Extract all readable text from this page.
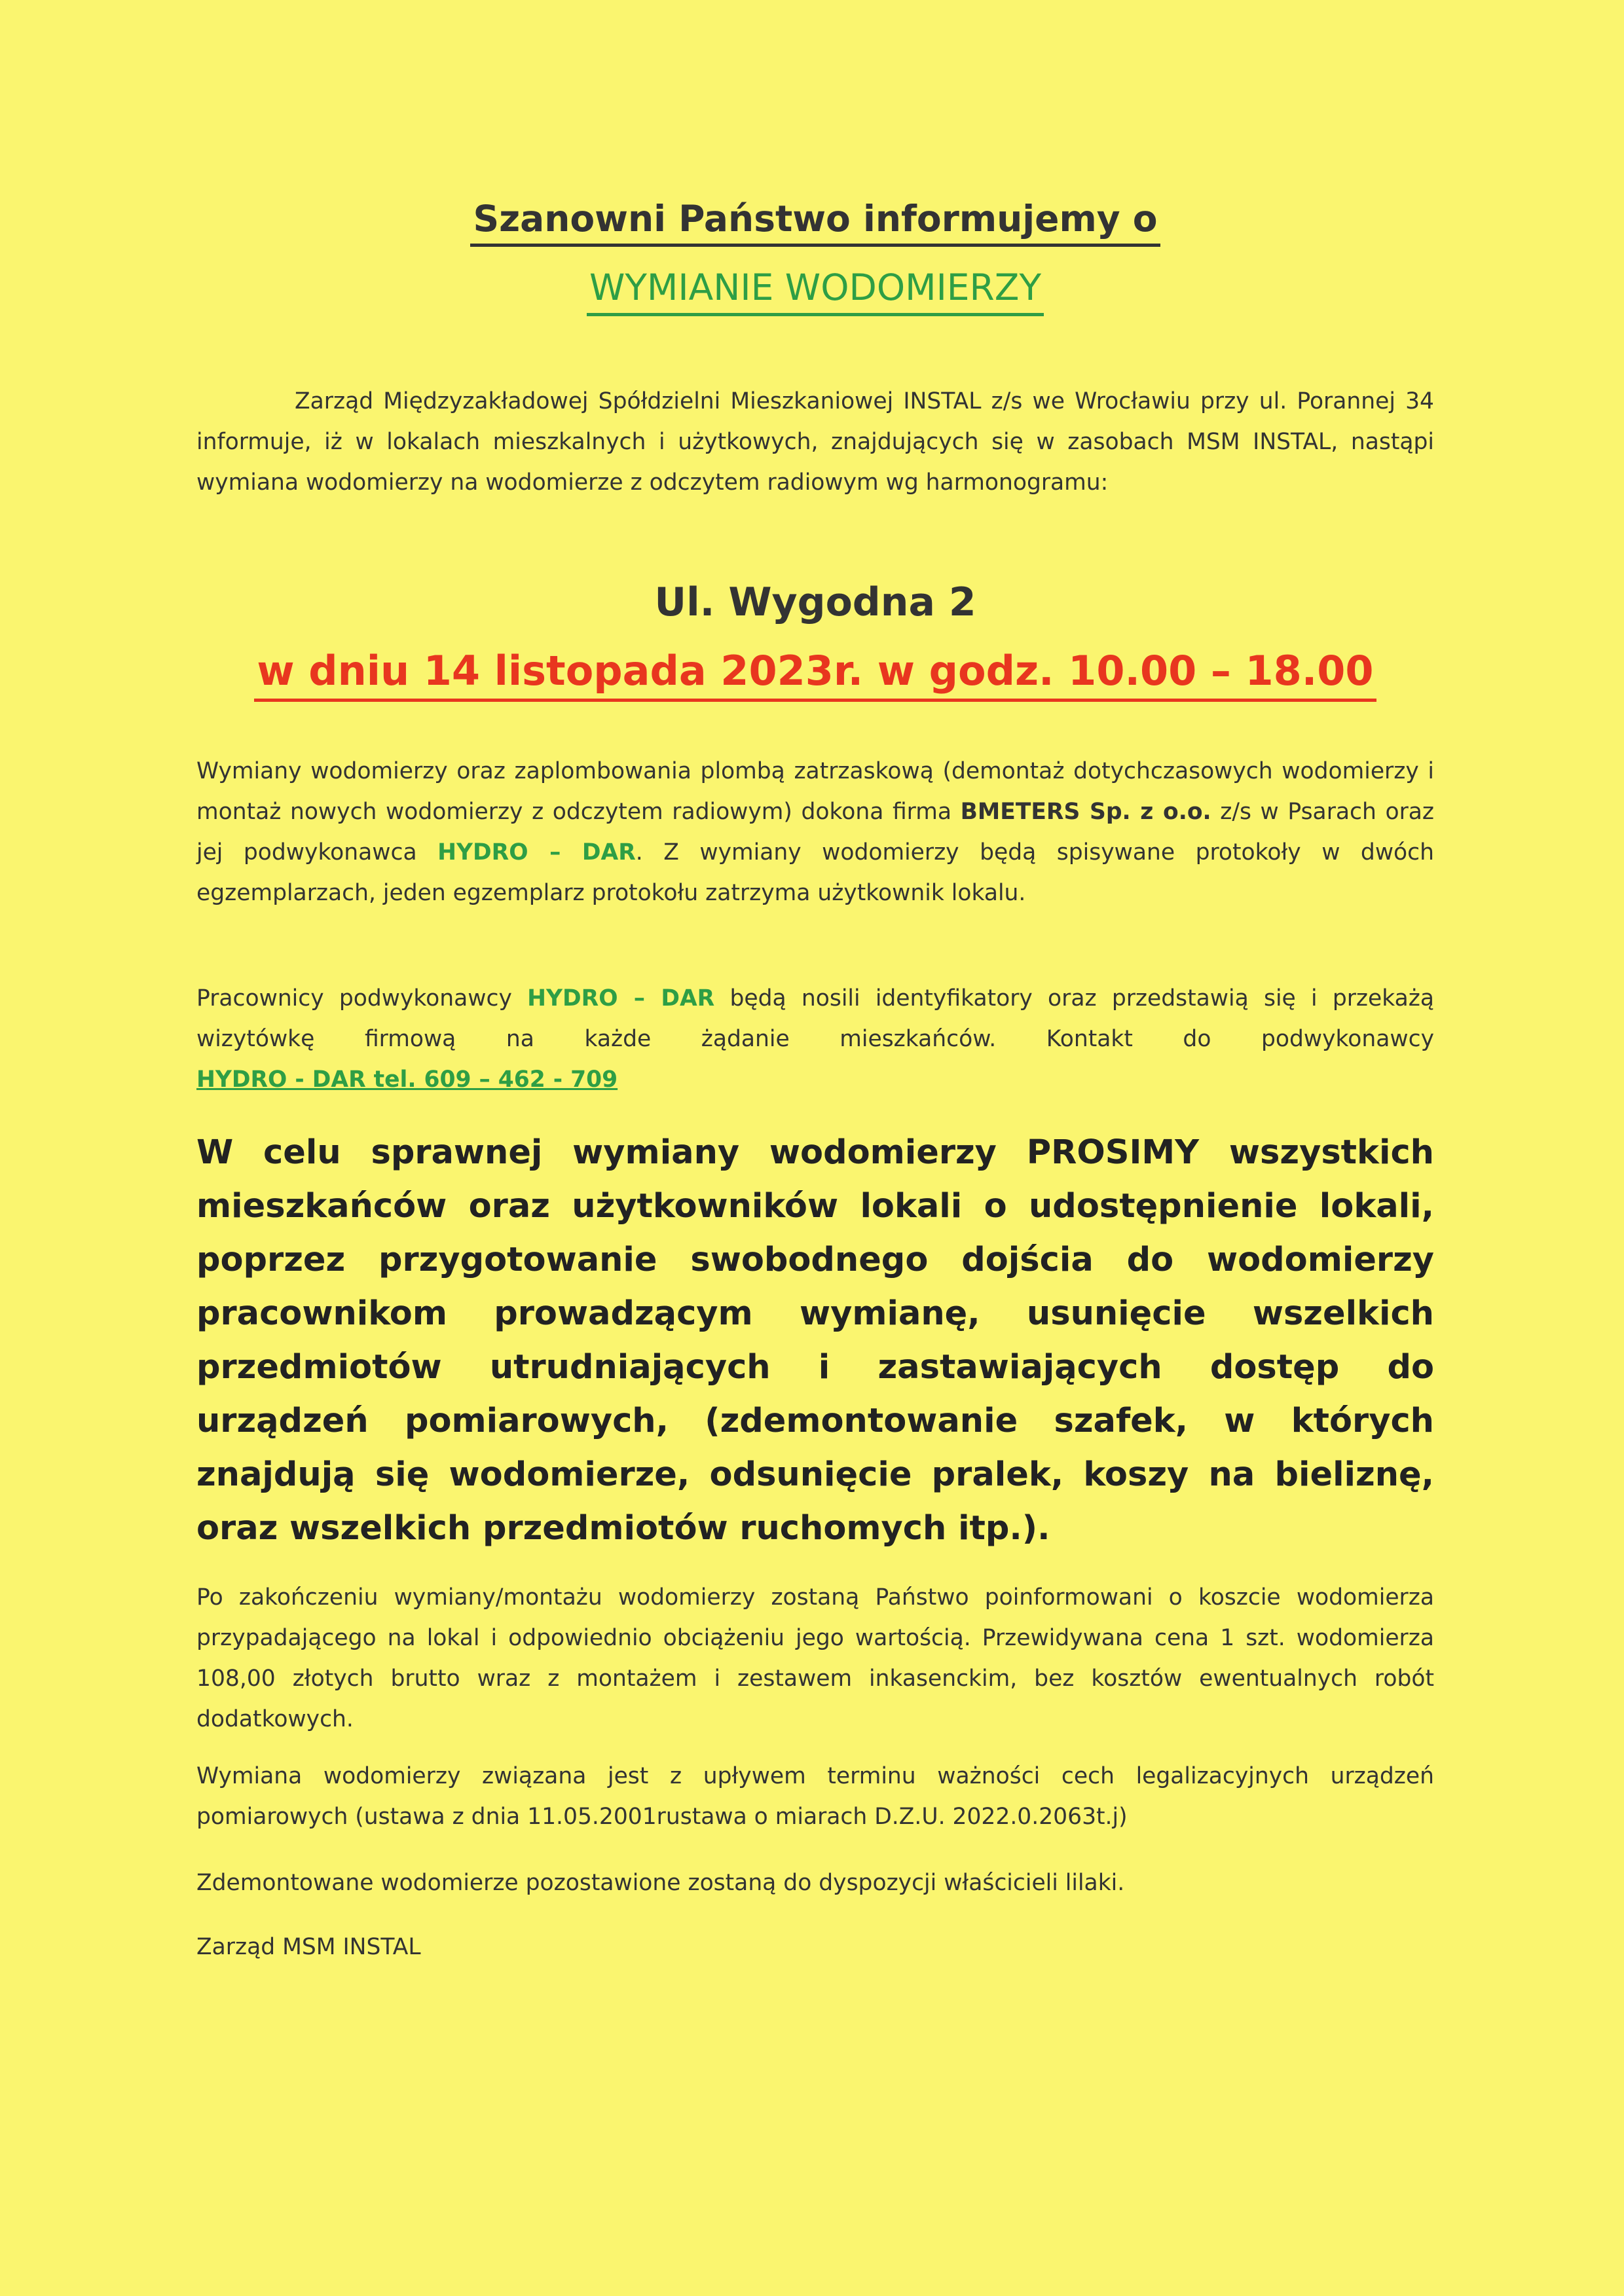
Szanowni Państwo informujemy o
WYMIANIE WODOMIERZY

Zarząd Międzyzakładowej Spółdzielni Mieszkaniowej INSTAL z/s we Wrocławiu przy ul. Porannej 34 informuje, iż w lokalach mieszkalnych i użytkowych, znajdujących się w zasobach MSM INSTAL, nastąpi wymiana wodomierzy na wodomierze z odczytem radiowym wg harmonogramu:

Ul. Wygodna 2
w dniu 14 listopada 2023r. w godz. 10.00 – 18.00

Wymiany wodomierzy oraz zaplombowania plombą zatrzaskową (demontaż dotychczasowych wodomierzy i montaż nowych wodomierzy z odczytem radiowym) dokona firma BMETERS Sp. z o.o. z/s w Psarach oraz jej podwykonawca HYDRO – DAR. Z wymiany wodomierzy będą spisywane protokoły w dwóch egzemplarzach, jeden egzemplarz protokołu zatrzyma użytkownik lokalu.

Pracownicy podwykonawcy HYDRO – DAR będą nosili identyfikatory oraz przedstawią się i przekażą wizytówkę firmową na każde żądanie mieszkańców. Kontakt do podwykonawcy HYDRO - DAR tel. 609 – 462 - 709

W celu sprawnej wymiany wodomierzy PROSIMY wszystkich mieszkańców oraz użytkowników lokali o udostępnienie lokali, poprzez przygotowanie swobodnego dojścia do wodomierzy pracownikom prowadzącym wymianę, usunięcie wszelkich przedmiotów utrudniających i zastawiających dostęp do urządzeń pomiarowych, (zdemontowanie szafek, w których znajdują się wodomierze, odsunięcie pralek, koszy na bieliznę, oraz wszelkich przedmiotów ruchomych itp.).

Po zakończeniu wymiany/montażu wodomierzy zostaną Państwo poinformowani o koszcie wodomierza przypadającego na lokal i odpowiednio obciążeniu jego wartością. Przewidywana cena 1 szt. wodomierza 108,00 złotych brutto wraz z montażem i zestawem inkasenckim, bez kosztów ewentualnych robót dodatkowych.

Wymiana wodomierzy związana jest z upływem terminu ważności cech legalizacyjnych urządzeń pomiarowych (ustawa z dnia 11.05.2001rustawa o miarach D.Z.U. 2022.0.2063t.j)

Zdemontowane wodomierze pozostawione zostaną do dyspozycji właścicieli lilaki.

Zarząd MSM INSTAL
